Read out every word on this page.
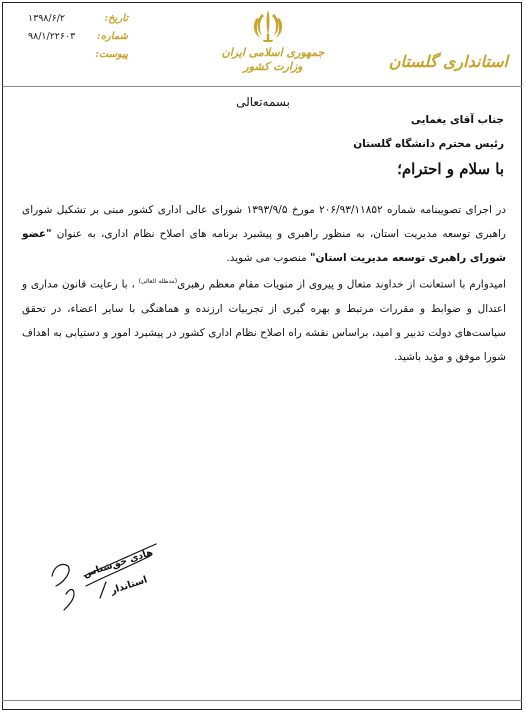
تاریخ:
۱۳۹۸/۶/۲
شماره:
۹۸/۱/۲۲۶۰۳
پیوست:	جمهوری اسلامی ایران
وزارت کشور	استانداری گلستان
بسمه‌تعالی
جناب آقای یغمایی
رئیس محترم دانشگاه گلستان
با سلام و احترام؛

در اجرای تصویبنامه شماره ۲۰۶/۹۳/۱۱۸۵۲ مورخ ۱۳۹۳/۹/۵ شورای عالی اداری کشور مبنی بر تشکیل شورای راهبری توسعه مدیریت استان، به منظور راهبری و پیشبرد برنامه های اصلاح نظام اداری، به عنوان "عضو شورای راهبری توسعه مدیریت استان" منصوب می شوید.

امیدوارم با استعانت از خداوند متعال و پیروی از منویات مقام معظم رهبری$^{(مدظله العالی)}$ ، با رعایت قانون مداری و اعتدال و ضوابط و مقررات مرتبط و بهره گیری از تجربیات ارزنده و هماهنگی با سایر اعضاء، در تحقق سیاست‌های دولت تدبیر و امید، براساس نقشه راه اصلاح نظام اداری کشور در پیشبرد امور و دستیابی به اهداف شورا موفق و مؤید باشید.

هادی حق‌شناس
استاندار
